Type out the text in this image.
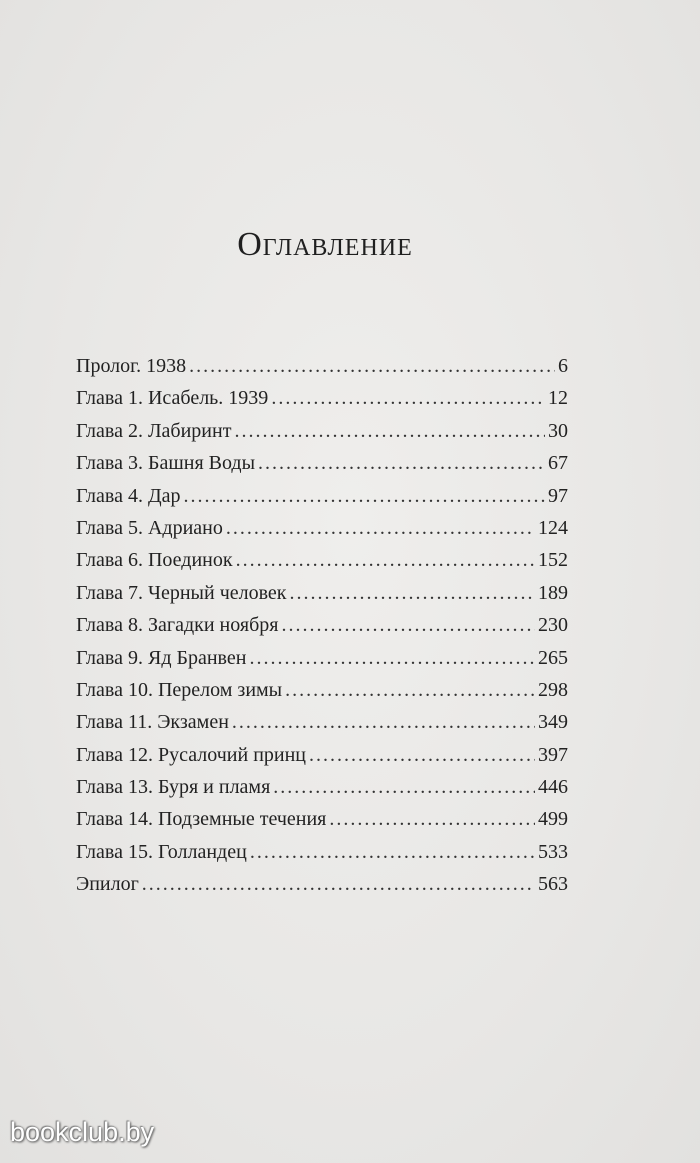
Оглавление
Пролог. 1938 .....	6
Глава 1. Исабель. 1939 .....	12
Глава 2. Лабиринт .....	30
Глава 3. Башня Воды .....	67
Глава 4. Дар .....	97
Глава 5. Адриано .....	124
Глава 6. Поединок .....	152
Глава 7. Черный человек .....	189
Глава 8. Загадки ноября .....	230
Глава 9. Яд Бранвен .....	265
Глава 10. Перелом зимы .....	298
Глава 11. Экзамен .....	349
Глава 12. Русалочий принц .....	397
Глава 13. Буря и пламя .....	446
Глава 14. Подземные течения .....	499
Глава 15. Голландец .....	533
Эпилог .....	563
bookclub.by
